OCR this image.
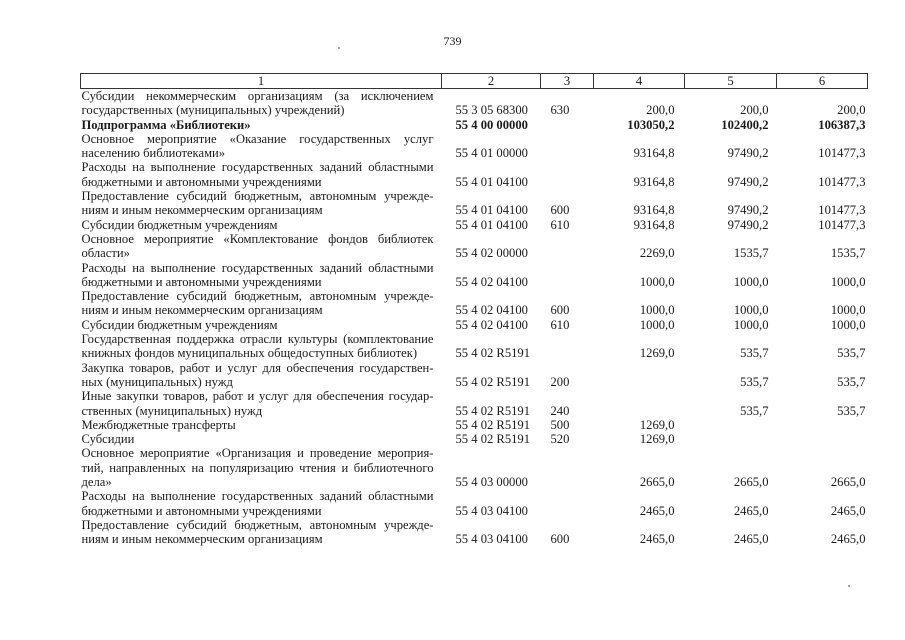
739
1	2	3	4	5	6
Субсидии некоммерческим организациям (за исключением государственных (муниципальных) учреждений)	55 3 05 68300	630	200,0	200,0	200,0
Подпрограмма «Библиотеки»	55 4 00 00000		103050,2	102400,2	106387,3
Основное мероприятие «Оказание государственных услуг населению библиотеками»	55 4 01 00000		93164,8	97490,2	101477,3
Расходы на выполнение государственных заданий областными бюджетными и автономными учреждениями	55 4 01 04100		93164,8	97490,2	101477,3
Предоставление субсидий бюджетным, автономным учреждениям и иным некоммерческим организациям	55 4 01 04100	600	93164,8	97490,2	101477,3
Субсидии бюджетным учреждениям	55 4 01 04100	610	93164,8	97490,2	101477,3
Основное мероприятие «Комплектование фондов библиотек области»	55 4 02 00000		2269,0	1535,7	1535,7
Расходы на выполнение государственных заданий областными бюджетными и автономными учреждениями	55 4 02 04100		1000,0	1000,0	1000,0
Предоставление субсидий бюджетным, автономным учреждениям и иным некоммерческим организациям	55 4 02 04100	600	1000,0	1000,0	1000,0
Субсидии бюджетным учреждениям	55 4 02 04100	610	1000,0	1000,0	1000,0
Государственная поддержка отрасли культуры (комплектование книжных фондов муниципальных общедоступных библиотек)	55 4 02 R5191		1269,0	535,7	535,7
Закупка товаров, работ и услуг для обеспечения государственных (муниципальных) нужд	55 4 02 R5191	200		535,7	535,7
Иные закупки товаров, работ и услуг для обеспечения государственных (муниципальных) нужд	55 4 02 R5191	240		535,7	535,7
Межбюджетные трансферты	55 4 02 R5191	500	1269,0		
Субсидии	55 4 02 R5191	520	1269,0		
Основное мероприятие «Организация и проведение мероприятий, направленных на популяризацию чтения и библиотечного дела»	55 4 03 00000		2665,0	2665,0	2665,0
Расходы на выполнение государственных заданий областными бюджетными и автономными учреждениями	55 4 03 04100		2465,0	2465,0	2465,0
Предоставление субсидий бюджетным, автономным учреждениям и иным некоммерческим организациям	55 4 03 04100	600	2465,0	2465,0	2465,0
